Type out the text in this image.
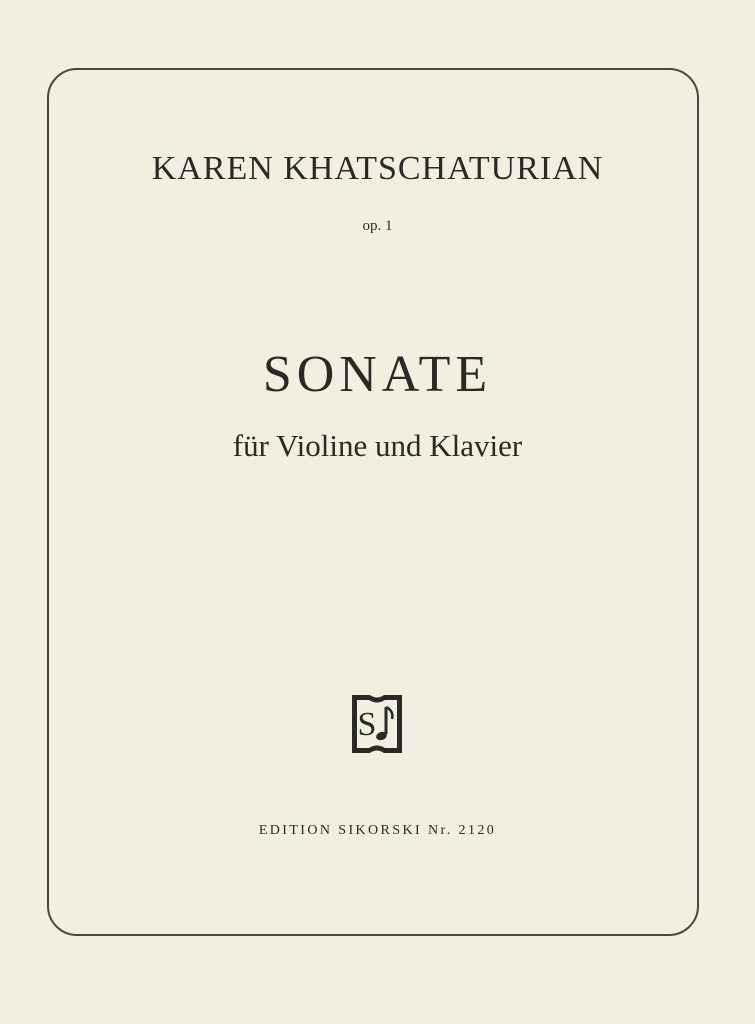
KAREN KHATSCHATURIAN
op. 1
SONATE
für Violine und Klavier
S
EDITION SIKORSKI Nr. 2120
